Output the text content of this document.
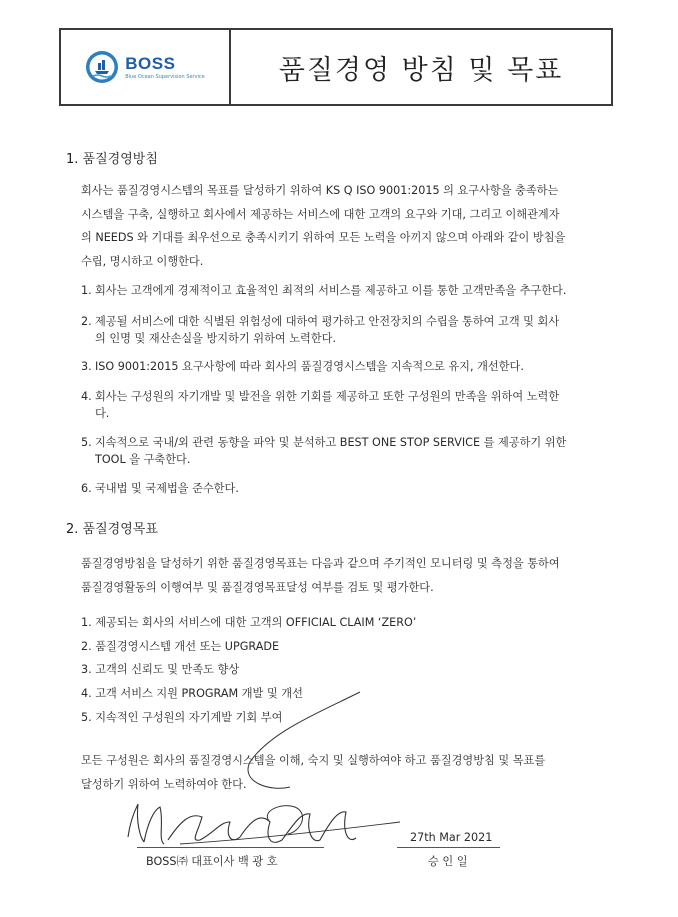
BOSS
Blue Ocean Supervision Service	품질경영 방침 및 목표
1. 품질경영방침
회사는 품질경영시스템의 목표를 달성하기 위하여 KS Q ISO 9001:2015 의 요구사항을 충족하는
시스템을 구축, 실행하고 회사에서 제공하는 서비스에 대한 고객의 요구와 기대, 그리고 이해관계자
의 NEEDS 와 기대를 최우선으로 충족시키기 위하여 모든 노력을 아끼지 않으며 아래와 같이 방침을
수립, 명시하고 이행한다.
1. 회사는 고객에게 경제적이고 효율적인 최적의 서비스를 제공하고 이를 통한 고객만족을 추구한다.
2. 제공될 서비스에 대한 식별된 위험성에 대하여 평가하고 안전장치의 수립을 통하여 고객 및 회사
의 인명 및 재산손실을 방지하기 위하여 노력한다.
3. ISO 9001:2015 요구사항에 따라 회사의 품질경영시스템을 지속적으로 유지, 개선한다.
4. 회사는 구성원의 자기개발 및 발전을 위한 기회를 제공하고 또한 구성원의 만족을 위하여 노력한
다.
5. 지속적으로 국내/외 관련 동향을 파악 및 분석하고 BEST ONE STOP SERVICE 를 제공하기 위한
TOOL 을 구축한다.
6. 국내법 및 국제법을 준수한다.
2. 품질경영목표
품질경영방침을 달성하기 위한 품질경영목표는 다음과 같으며 주기적인 모니터링 및 측정을 통하여
품질경영활동의 이행여부 및 품질경영목표달성 여부를 검토 및 평가한다.
1. 제공되는 회사의 서비스에 대한 고객의 OFFICIAL CLAIM ‘ZERO’
2. 품질경영시스템 개선 또는 UPGRADE
3. 고객의 신뢰도 및 만족도 향상
4. 고객 서비스 지원 PROGRAM 개발 및 개선
5. 지속적인 구성원의 자기계발 기회 부여
모든 구성원은 회사의 품질경영시스템을 이해, 숙지 및 실행하여야 하고 품질경영방침 및 목표를
달성하기 위하여 노력하여야 한다.
BOSS㈜ 대표이사 백 광 호
27th Mar 2021
승 인 일
